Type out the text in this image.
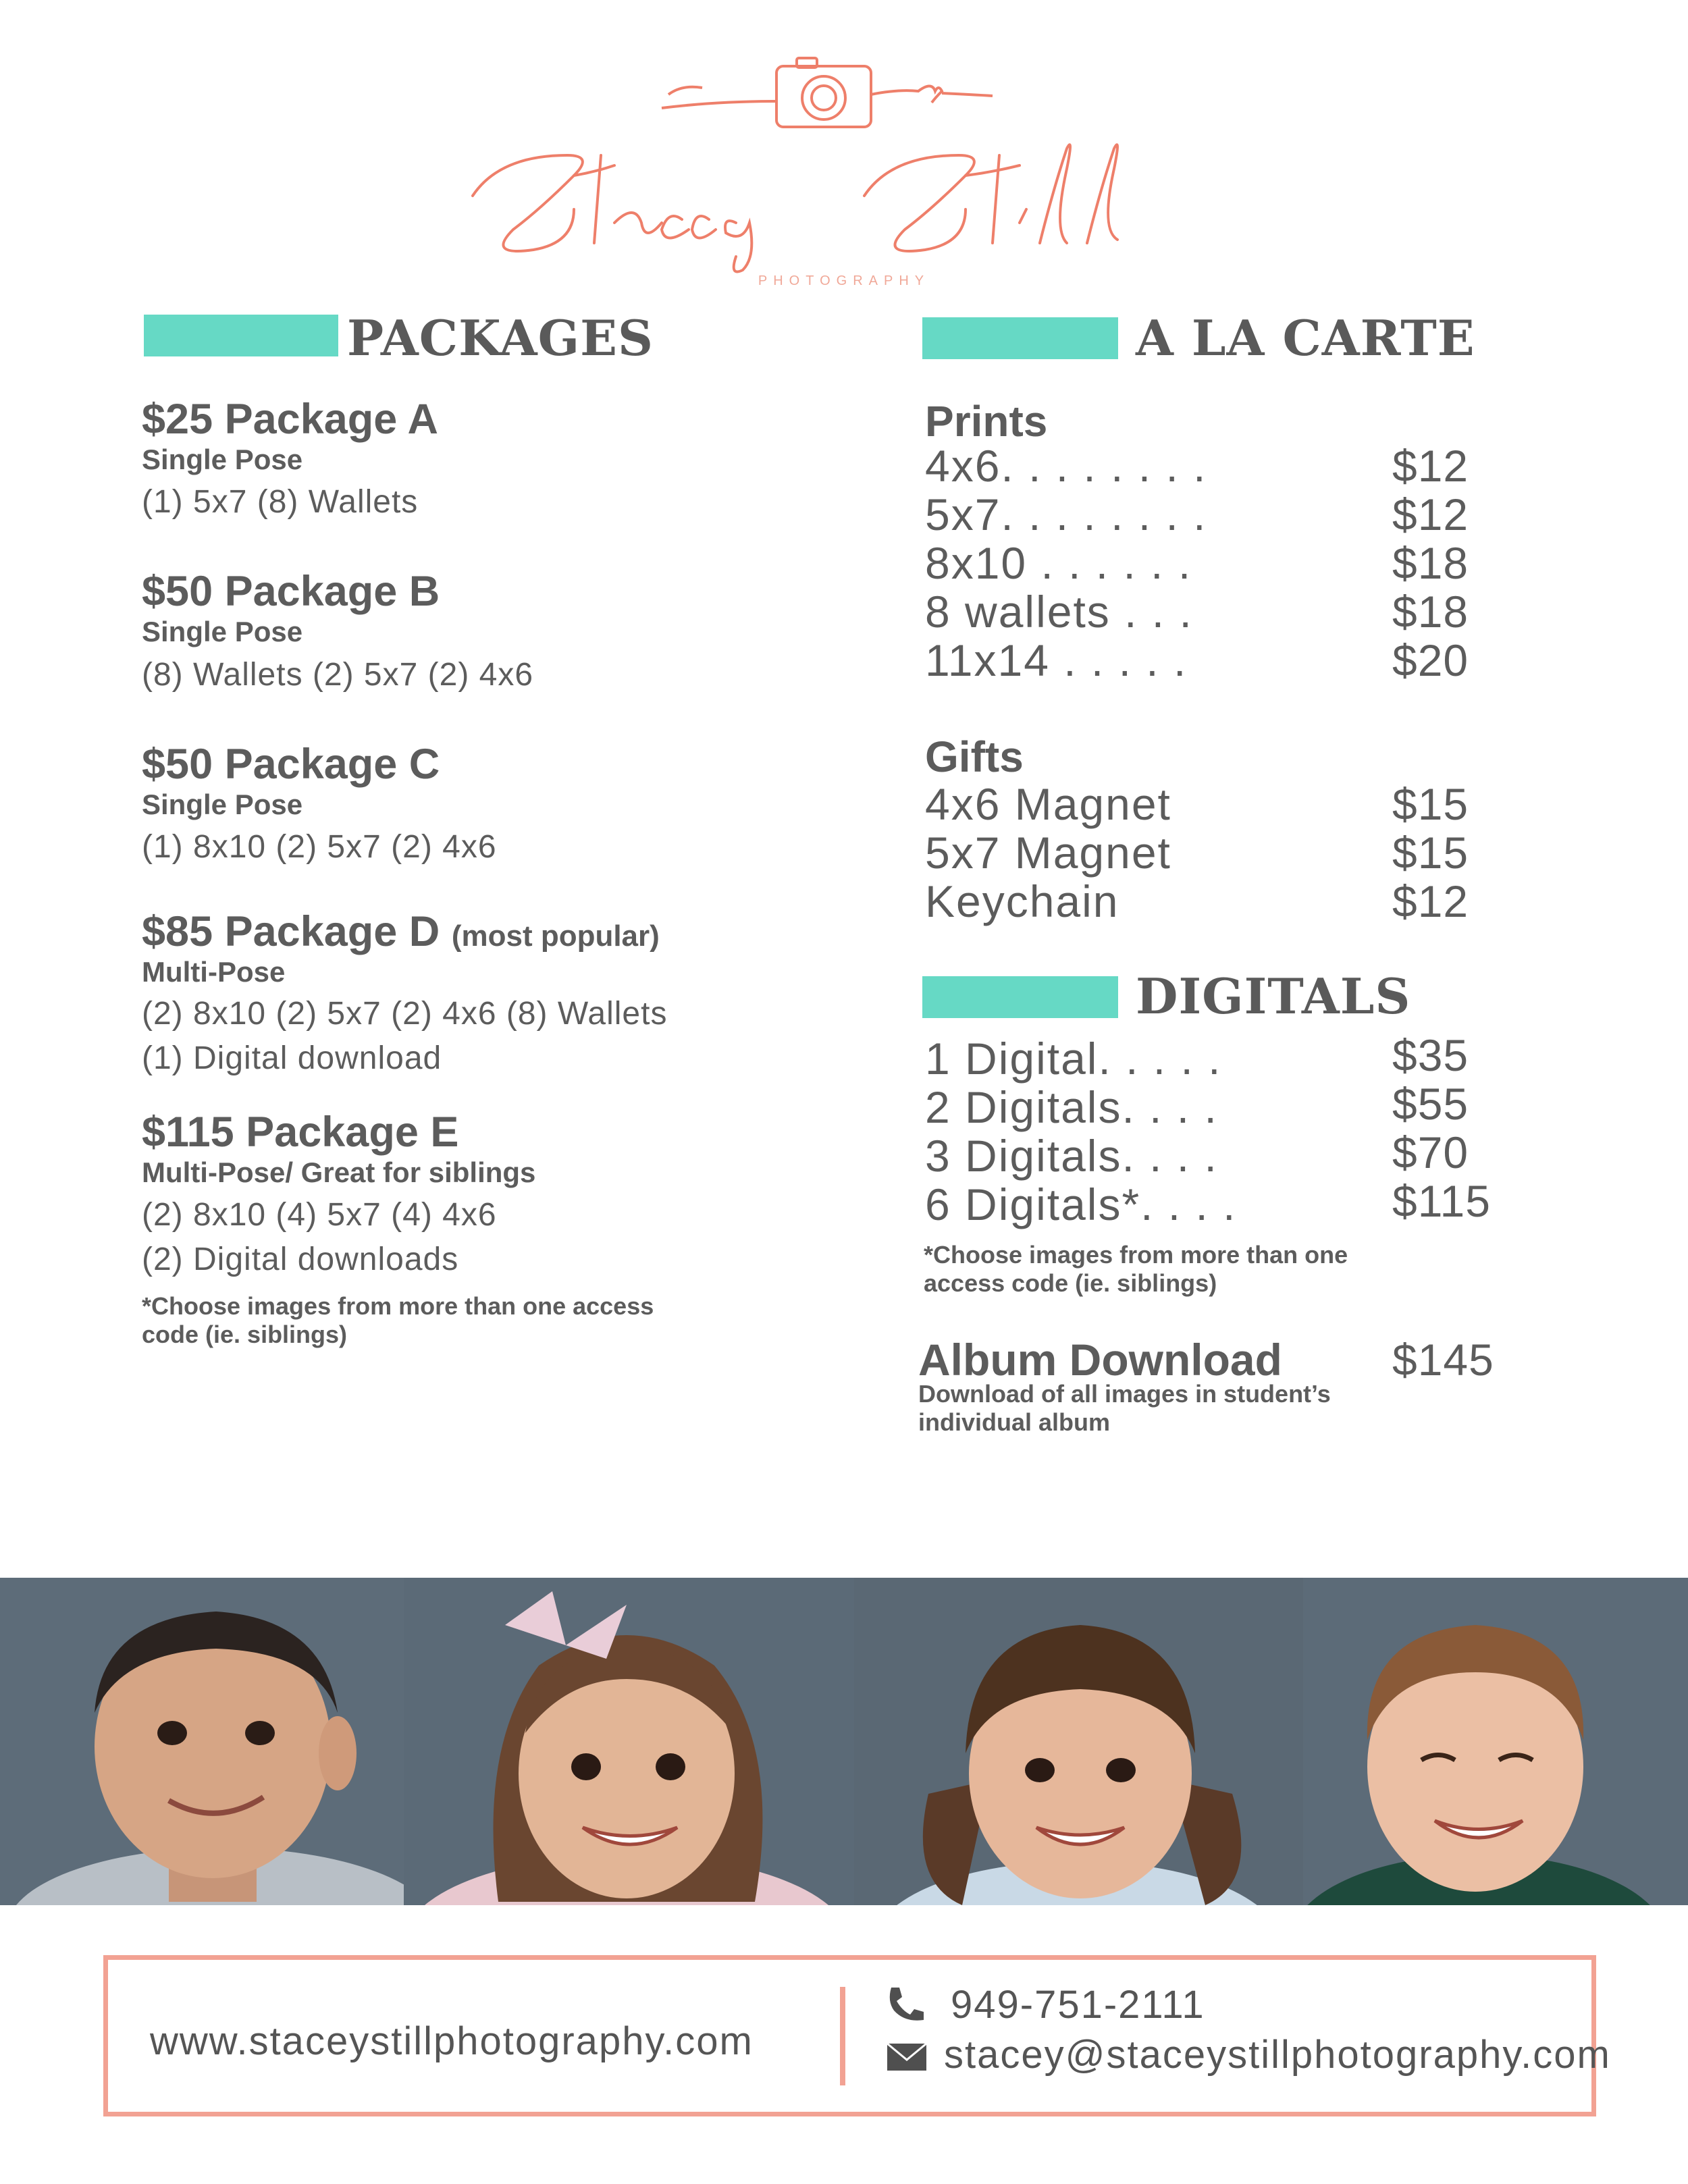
PHOTOGRAPHY
PACKAGES
$25 Package A
Single Pose
(1) 5x7 (8) Wallets
$50 Package B
Single Pose
(8) Wallets (2) 5x7 (2) 4x6
$50 Package C
Single Pose
(1) 8x10 (2) 5x7 (2) 4x6
$85 Package D (most popular)
Multi-Pose
(2) 8x10 (2) 5x7 (2) 4x6 (8) Wallets
(1) Digital download
$115 Package E
Multi-Pose/ Great for siblings
(2) 8x10 (4) 5x7 (4) 4x6
(2) Digital downloads
*Choose images from more than one access code (ie. siblings)
A LA CARTE
Prints
4x6. . . . . . . .	$12
5x7. . . . . . . .	$12
8x10 . . . . . .	$18
8 wallets . . .	$18
11x14 . . . . .	$20
Gifts
4x6 Magnet	$15
5x7 Magnet	$15
Keychain	$12
DIGITALS
1 Digital. . . . .	$35
2 Digitals. . . .	$55
3 Digitals. . . .	$70
6 Digitals*. . . .	$115
*Choose images from more than one access code (ie. siblings)
Album Download $145
Download of all images in student’s individual album
www.staceystillphotography.com
949-751-2111
stacey@staceystillphotography.com
